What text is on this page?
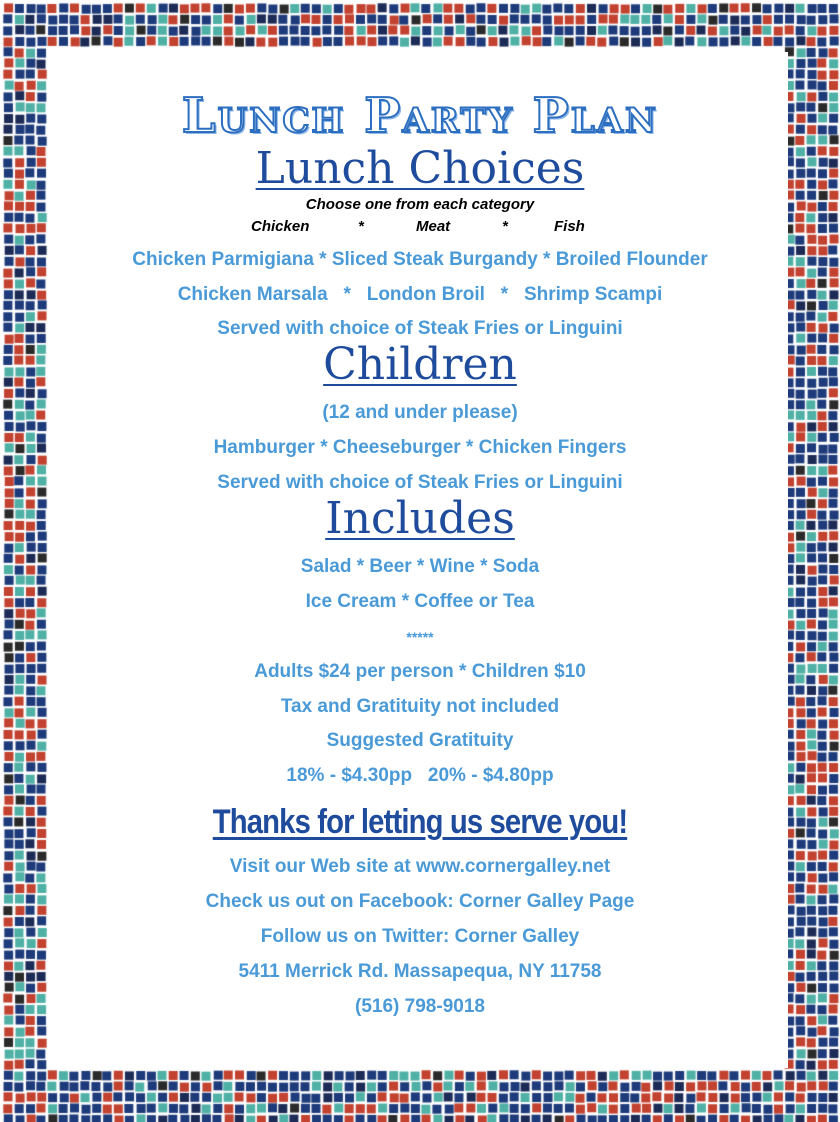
Lunch Party Plan
Lunch Choices
Choose one from each category
Chicken	*	Meat	*	Fish
Chicken Parmigiana * Sliced Steak Burgandy * Broiled Flounder
Chicken Marsala   *   London Broil   *   Shrimp Scampi
Served with choice of Steak Fries or Linguini
Children
(12 and under please)
Hamburger * Cheeseburger * Chicken Fingers
Served with choice of Steak Fries or Linguini
Includes
Salad * Beer * Wine * Soda
Ice Cream * Coffee or Tea
*****
Adults $24 per person * Children $10
Tax and Gratituity not included
Suggested Gratituity
18% - $4.30pp   20% - $4.80pp
Thanks for letting us serve you!
Visit our Web site at www.cornergalley.net
Check us out on Facebook: Corner Galley Page
Follow us on Twitter: Corner Galley
5411 Merrick Rd. Massapequa, NY 11758
(516) 798-9018
